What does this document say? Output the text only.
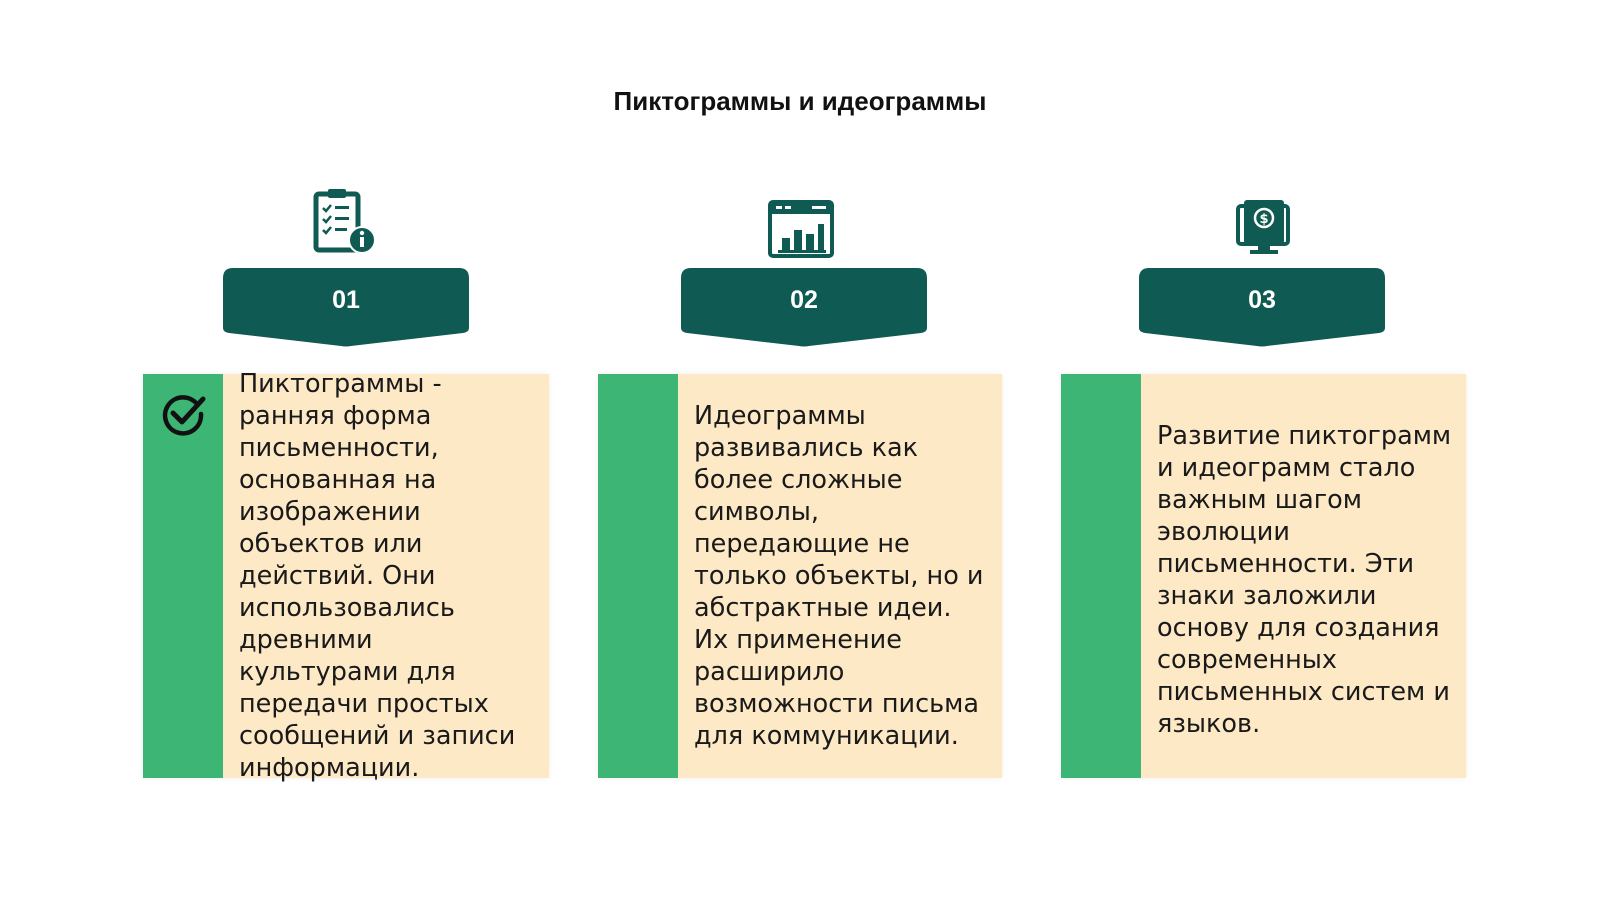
Пиктограммы и идеограммы
01
Пиктограммы - ранняя форма письменности, основанная на изображении объектов или действий. Они использовались древними культурами для передачи простых сообщений и записи информации.
02
Идеограммы развивались как более сложные символы, передающие не только объекты, но и абстрактные идеи. Их применение расширило возможности письма для коммуникации.
$
03
Развитие пиктограмм и идеограмм стало важным шагом эволюции письменности. Эти знаки заложили основу для создания современных письменных систем и языков.
